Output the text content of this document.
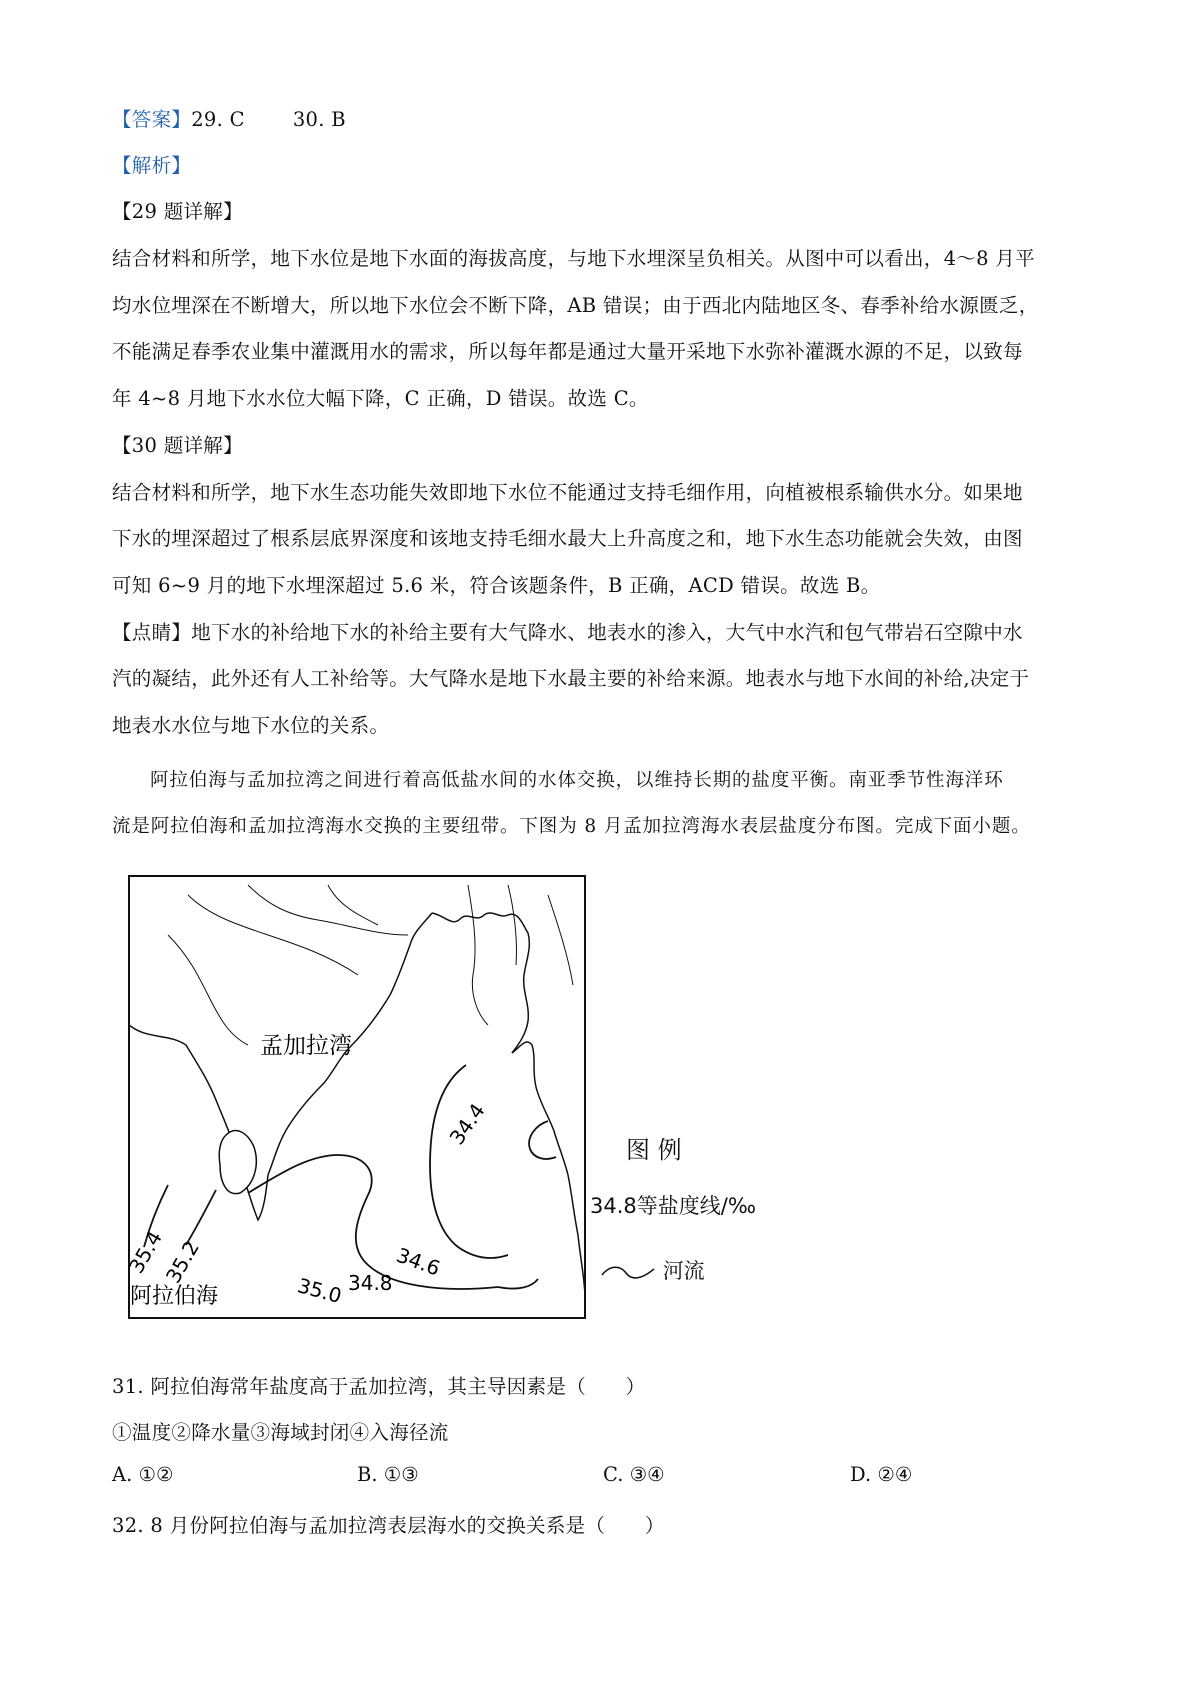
【答案】29. C 30. B
【解析】
【29 题详解】
结合材料和所学，地下水位是地下水面的海拔高度，与地下水埋深呈负相关。从图中可以看出，4～8 月平
均水位埋深在不断增大，所以地下水位会不断下降，AB 错误；由于西北内陆地区冬、春季补给水源匮乏，
不能满足春季农业集中灌溉用水的需求，所以每年都是通过大量开采地下水弥补灌溉水源的不足，以致每
年 4~8 月地下水水位大幅下降，C 正确，D 错误。故选 C。
【30 题详解】
结合材料和所学，地下水生态功能失效即地下水位不能通过支持毛细作用，向植被根系输供水分。如果地
下水的埋深超过了根系层底界深度和该地支持毛细水最大上升高度之和，地下水生态功能就会失效，由图
可知 6~9 月的地下水埋深超过 5.6 米，符合该题条件，B 正确，ACD 错误。故选 B。
【点睛】地下水的补给地下水的补给主要有大气降水、地表水的渗入，大气中水汽和包气带岩石空隙中水
汽的凝结，此外还有人工补给等。大气降水是地下水最主要的补给来源。地表水与地下水间的补给,决定于
地表水水位与地下水位的关系。
阿拉伯海与孟加拉湾之间进行着高低盐水间的水体交换，以维持长期的盐度平衡。南亚季节性海洋环
流是阿拉伯海和孟加拉湾海水交换的主要纽带。下图为 8 月孟加拉湾海水表层盐度分布图。完成下面小题。
孟加拉湾
阿拉伯海
34.4
34.6
34.8
35.0
35.2
35.4
图 例
34.8等盐度线/‰
河流
31. 阿拉伯海常年盐度高于孟加拉湾，其主导因素是（　　）
①温度②降水量③海域封闭④入海径流
A. ①②	B. ①③	C. ③④	D. ②④
32. 8 月份阿拉伯海与孟加拉湾表层海水的交换关系是（　　）
